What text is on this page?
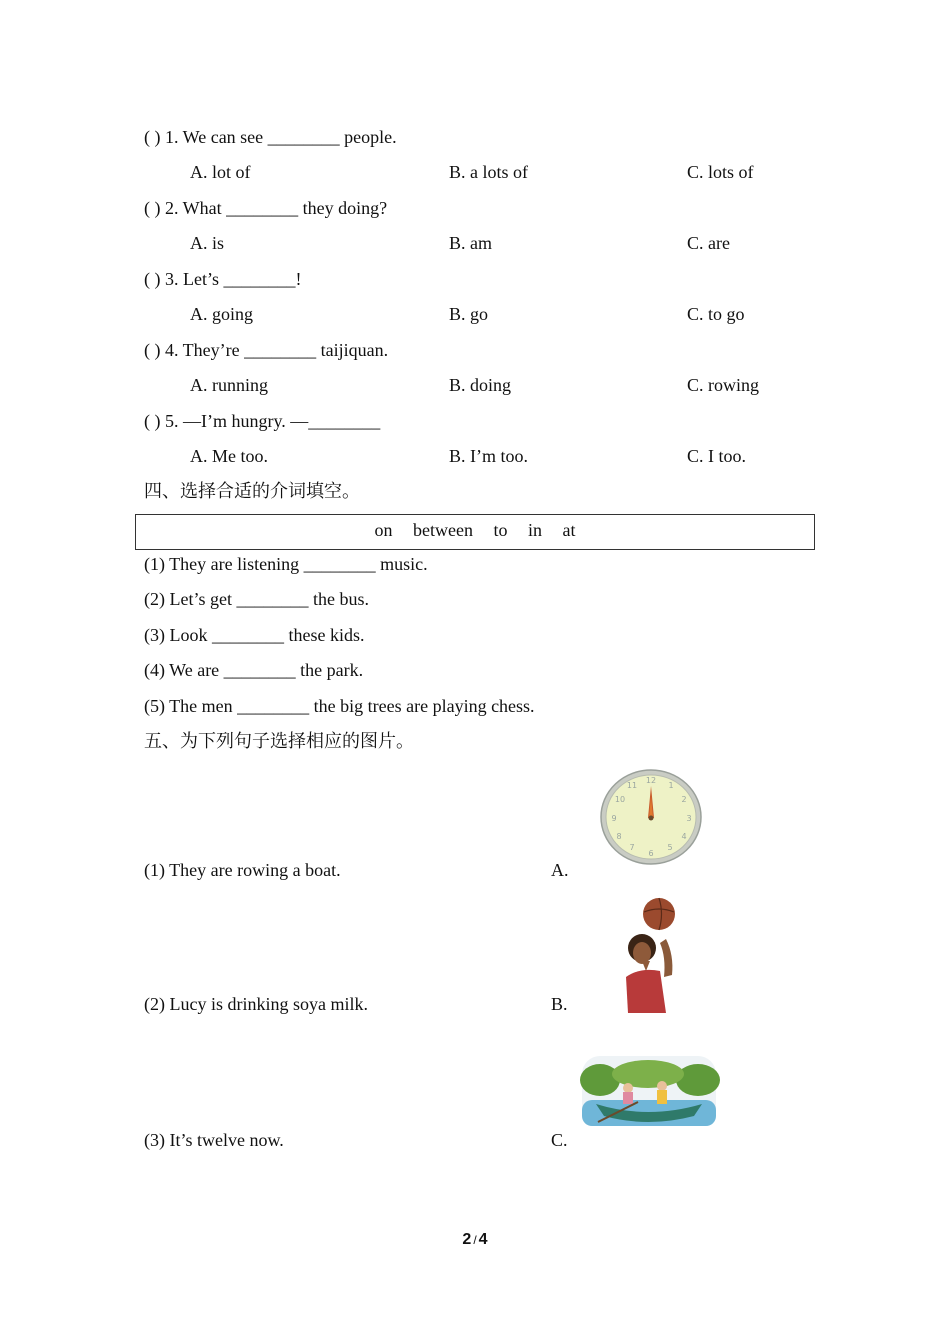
( ) 1. We can see ________ people.
A. lot of	B. a lots of	C. lots of
( ) 2. What ________ they doing?
A. is	B. am	C. are
( ) 3. Let’s ________!
A. going	B. go	C. to go
( ) 4. They’re ________ taijiquan.
A. running	B. doing	C. rowing
( ) 5. —I’m hungry. —________
A. Me too.	B. I’m too.	C. I too.
四、选择合适的介词填空。
on between to in at
(1) They are listening ________ music.
(2) Let’s get ________ the bus.
(3) Look ________ these kids.
(4) We are ________ the park.
(5) The men ________ the big trees are playing chess.
五、为下列句子选择相应的图片。
(1) They are rowing a boat.	A.
(2) Lucy is drinking soya milk.	B.
(3) It’s twelve now.	C.
12
1
2
3
4
5
6
7
8
9
10
11
2 / 4
